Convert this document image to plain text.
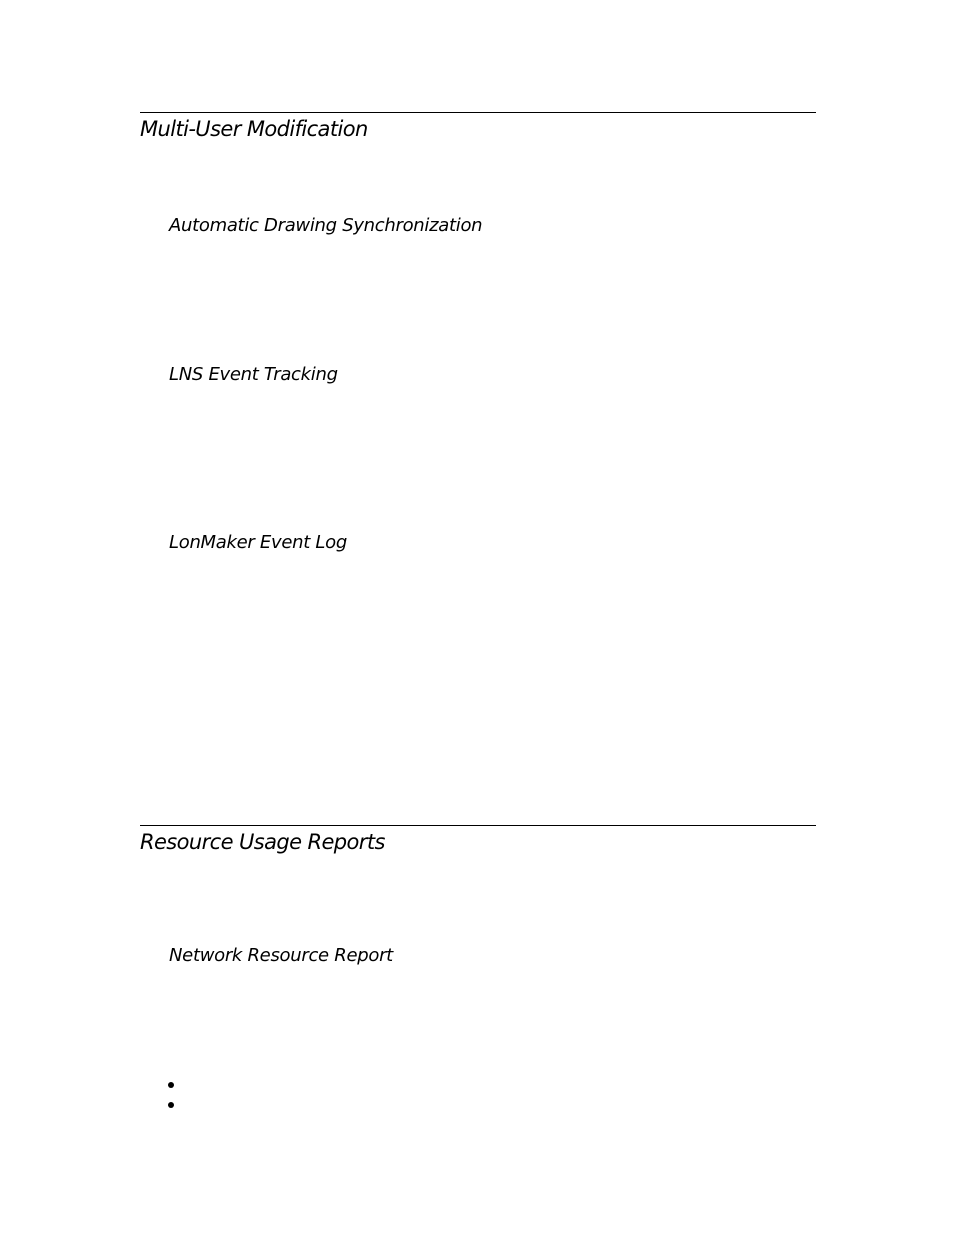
Multi-User Modification
Automatic Drawing Synchronization
LNS Event Tracking
LonMaker Event Log
Resource Usage Reports
Network Resource Report
